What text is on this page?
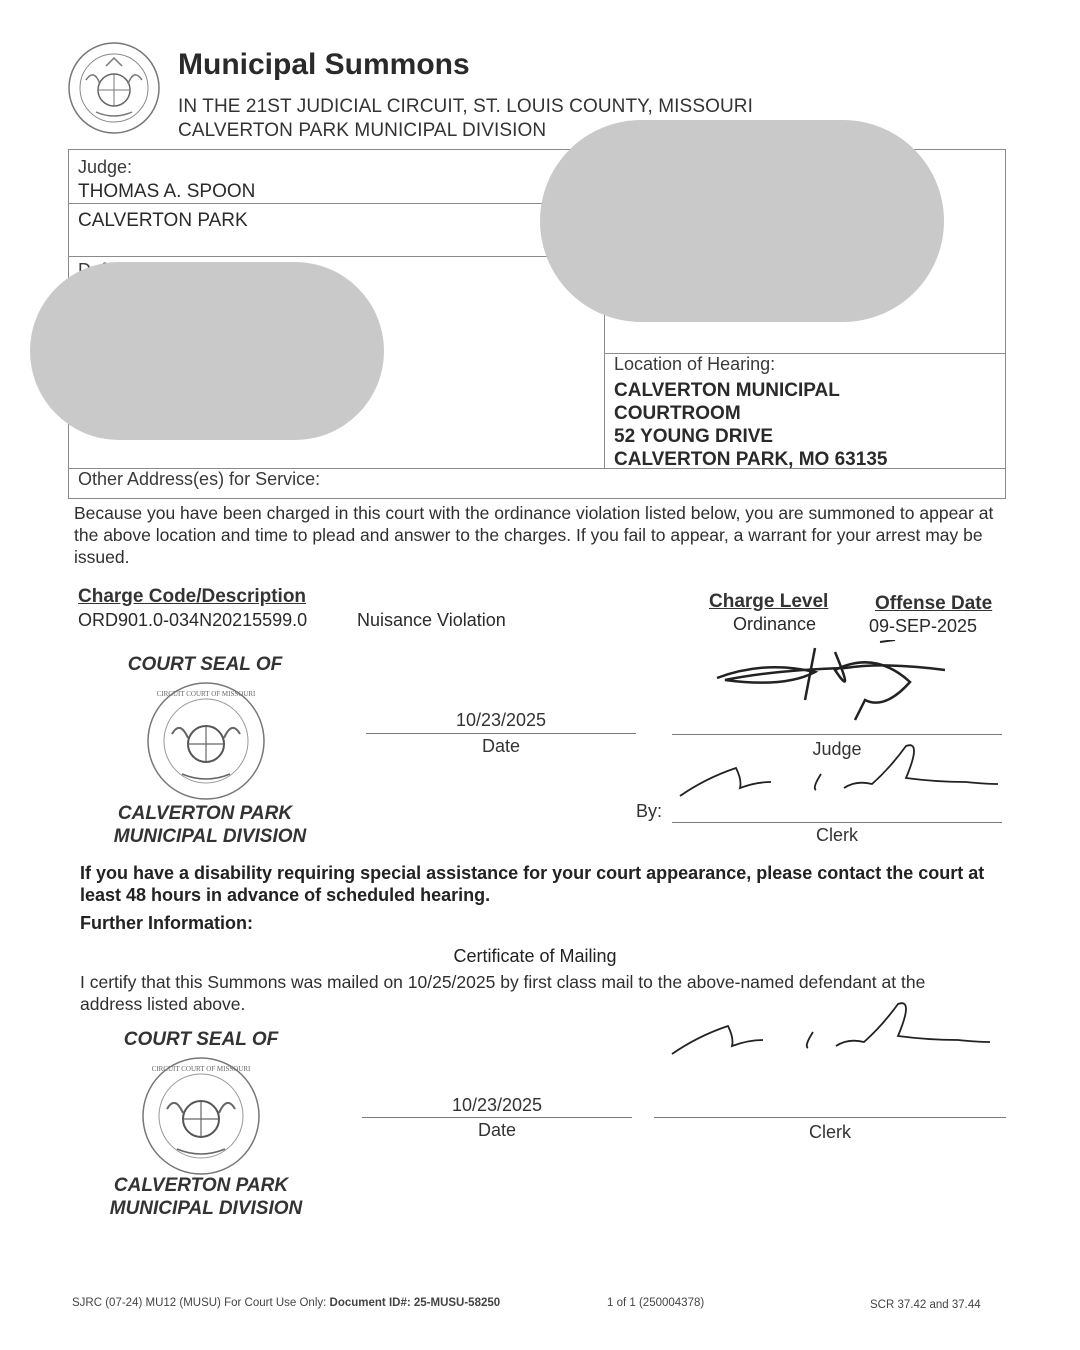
Municipal Summons
IN THE 21ST JUDICIAL CIRCUIT, ST. LOUIS COUNTY, MISSOURI
CALVERTON PARK MUNICIPAL DIVISION
Judge:
THOMAS A. SPOON
CALVERTON PARK
Location of Hearing:
CALVERTON MUNICIPAL
COURTROOM
52 YOUNG DRIVE
CALVERTON PARK, MO 63135
Other Address(es) for Service:
Because you have been charged in this court with the ordinance violation listed below, you are summoned to appear at the above location and time to plead and answer to the charges. If you fail to appear, a warrant for your arrest may be issued.
Charge Code/Description
ORD901.0-034N20215599.0	Nuisance Violation
Charge Level
Ordinance
Offense Date
09-SEP-2025
COURT SEAL OF
CIRCUIT COURT OF MISSOURI
CALVERTON PARK
MUNICIPAL DIVISION
10/23/2025
Date	Judge
By:
Clerk
If you have a disability requiring special assistance for your court appearance, please contact the court at least 48 hours in advance of scheduled hearing.
Further Information:
Certificate of Mailing
I certify that this Summons was mailed on 10/25/2025 by first class mail to the above-named defendant at the address listed above.
COURT SEAL OF
CIRCUIT COURT OF MISSOURI
CALVERTON PARK
MUNICIPAL DIVISION
10/23/2025
Date	Clerk
SJRC (07-24) MU12 (MUSU) For Court Use Only: Document ID#: 25-MUSU-58250	1 of 1 (250004378)	SCR 37.42 and 37.44
